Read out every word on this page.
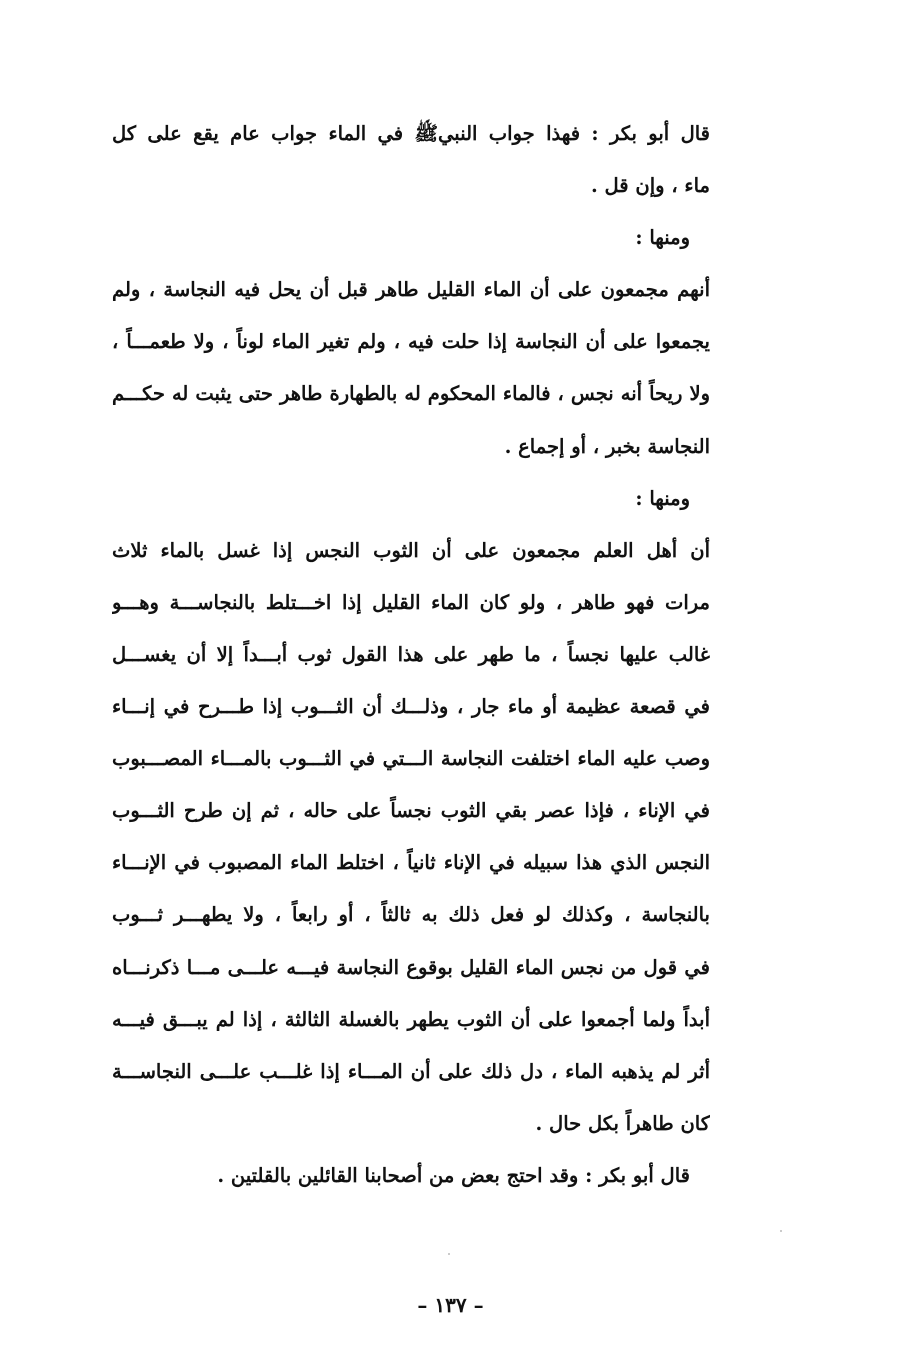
قال أبو بكر : فهذا جواب النبيﷺ في الماء جواب عام يقع على كل
ماء ، وإن قل .
ومنها :
أنهم مجمعون على أن الماء القليل طاهر قبل أن يحل فيه النجاسة ، ولم
يجمعوا على أن النجاسة إذا حلت فيه ، ولم تغير الماء لوناً ، ولا طعمـــاً ،
ولا ريحاً أنه نجس ، فالماء المحكوم له بالطهارة طاهر حتى يثبت له حكـــم
النجاسة بخبر ، أو إجماع .
ومنها :
أن أهل العلم مجمعون على أن الثوب النجس إذا غسل بالماء ثلاث
مرات فهو طاهر ، ولو كان الماء القليل إذا اخـــتلط بالنجاســـة وهـــو
غالب عليها نجساً ، ما طهر على هذا القول ثوب أبـــداً إلا أن يغســـل
في قصعة عظيمة أو ماء جار ، وذلـــك أن الثـــوب إذا طـــرح في إنـــاء
وصب عليه الماء اختلفت النجاسة الـــتي في الثـــوب بالمـــاء المصـــبوب
في الإناء ، فإذا عصر بقي الثوب نجساً على حاله ، ثم إن طرح الثـــوب
النجس الذي هذا سبيله في الإناء ثانياً ، اختلط الماء المصبوب في الإنـــاء
بالنجاسة ، وكذلك لو فعل ذلك به ثالثاً ، أو رابعاً ، ولا يطهـــر ثـــوب
في قول من نجس الماء القليل بوقوع النجاسة فيـــه علـــى مـــا ذكرنـــاه
أبداً ولما أجمعوا على أن الثوب يطهر بالغسلة الثالثة ، إذا لم يبـــق فيـــه
أثر لم يذهبه الماء ، دل ذلك على أن المـــاء إذا غلـــب علـــى النجاســـة
كان طاهراً بكل حال .
قال أبو بكر : وقد احتج بعض من أصحابنا القائلين بالقلتين .
– ١٣٧ –
